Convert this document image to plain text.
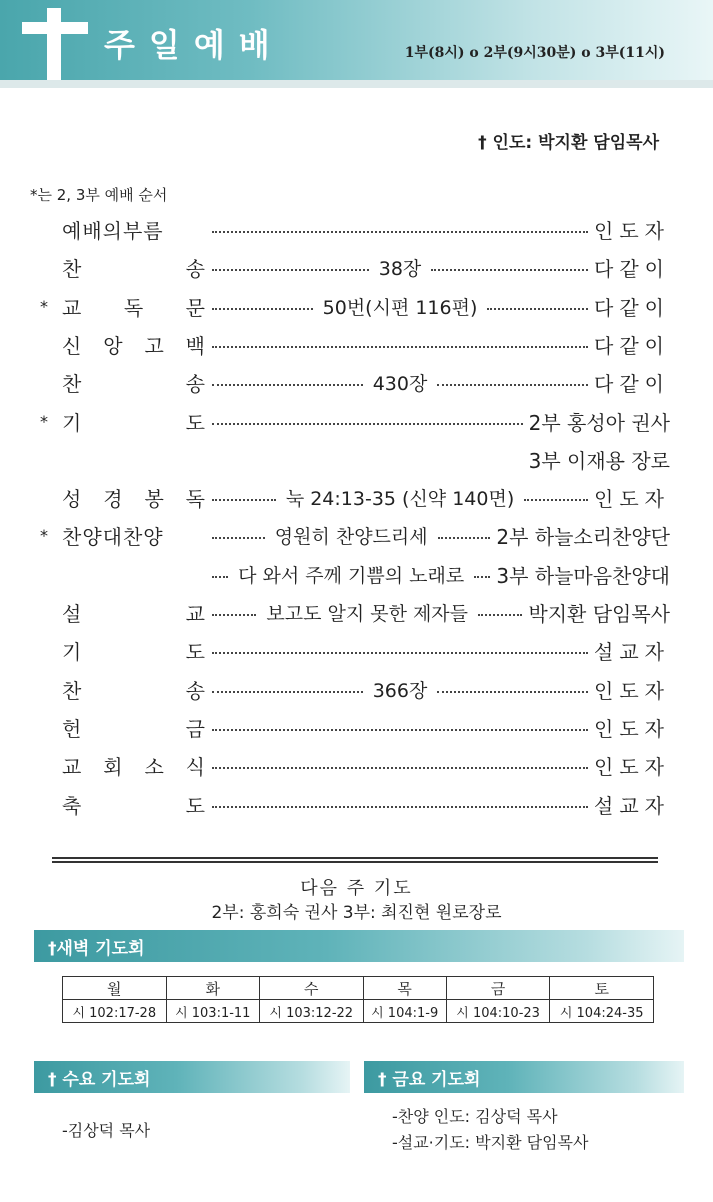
주일예배	1부(8시) ο 2부(9시30분) ο 3부(11시)
† 인도: 박지환 담임목사
*는 2, 3부 예배 순서
예배의부름	인도자
찬	송	38장	다같이
* 교 독 문	50번(시편 116편)	다같이
신 앙 고 백	다같이
찬	송	430장	다같이
* 기	도	2부 홍성아 권사
3부 이재용 장로
성 경 봉 독	눅 24:13-35 (신약 140면)	인도자
* 찬양대찬양	영원히 찬양드리세	2부 하늘소리찬양단
다 와서 주께 기쁨의 노래로 3부 하늘마음찬양대
설	교	보고도 알지 못한 제자들	박지환 담임목사
기	도	설교자
찬	송	366장	인도자
헌	금	인도자
교 회 소 식	인도자
축	도	설교자
다음 주 기도
2부: 홍희숙 권사 3부: 최진현 원로장로
†새벽 기도회
월	화	수	목	금	토
시 102:17-28	시 103:1-11	시 103:12-22	시 104:1-9	시 104:10-23	시 104:24-35
† 수요 기도회
-김상덕 목사
† 금요 기도회
-찬양 인도: 김상덕 목사
-설교·기도: 박지환 담임목사
